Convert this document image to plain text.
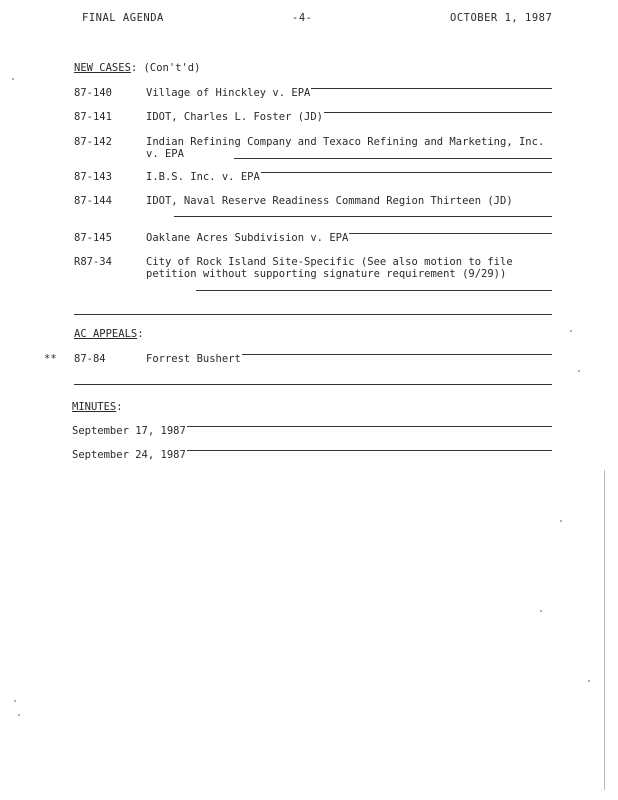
FINAL AGENDA	-4-	OCTOBER 1, 1987
NEW CASES: (Con't'd)
87-140	Village of Hinckley v. EPA
87-141	IDOT, Charles L. Foster (JD)
87-142	Indian Refining Company and Texaco Refining and Marketing, Inc. v. EPA
87-143	I.B.S. Inc. v. EPA
87-144	IDOT, Naval Reserve Readiness Command Region Thirteen (JD)
87-145	Oaklane Acres Subdivision v. EPA
R87-34	City of Rock Island Site-Specific (See also motion to file petition without supporting signature requirement (9/29))
AC APPEALS:
** 87-84	Forrest Bushert
MINUTES:
September 17, 1987
September 24, 1987
